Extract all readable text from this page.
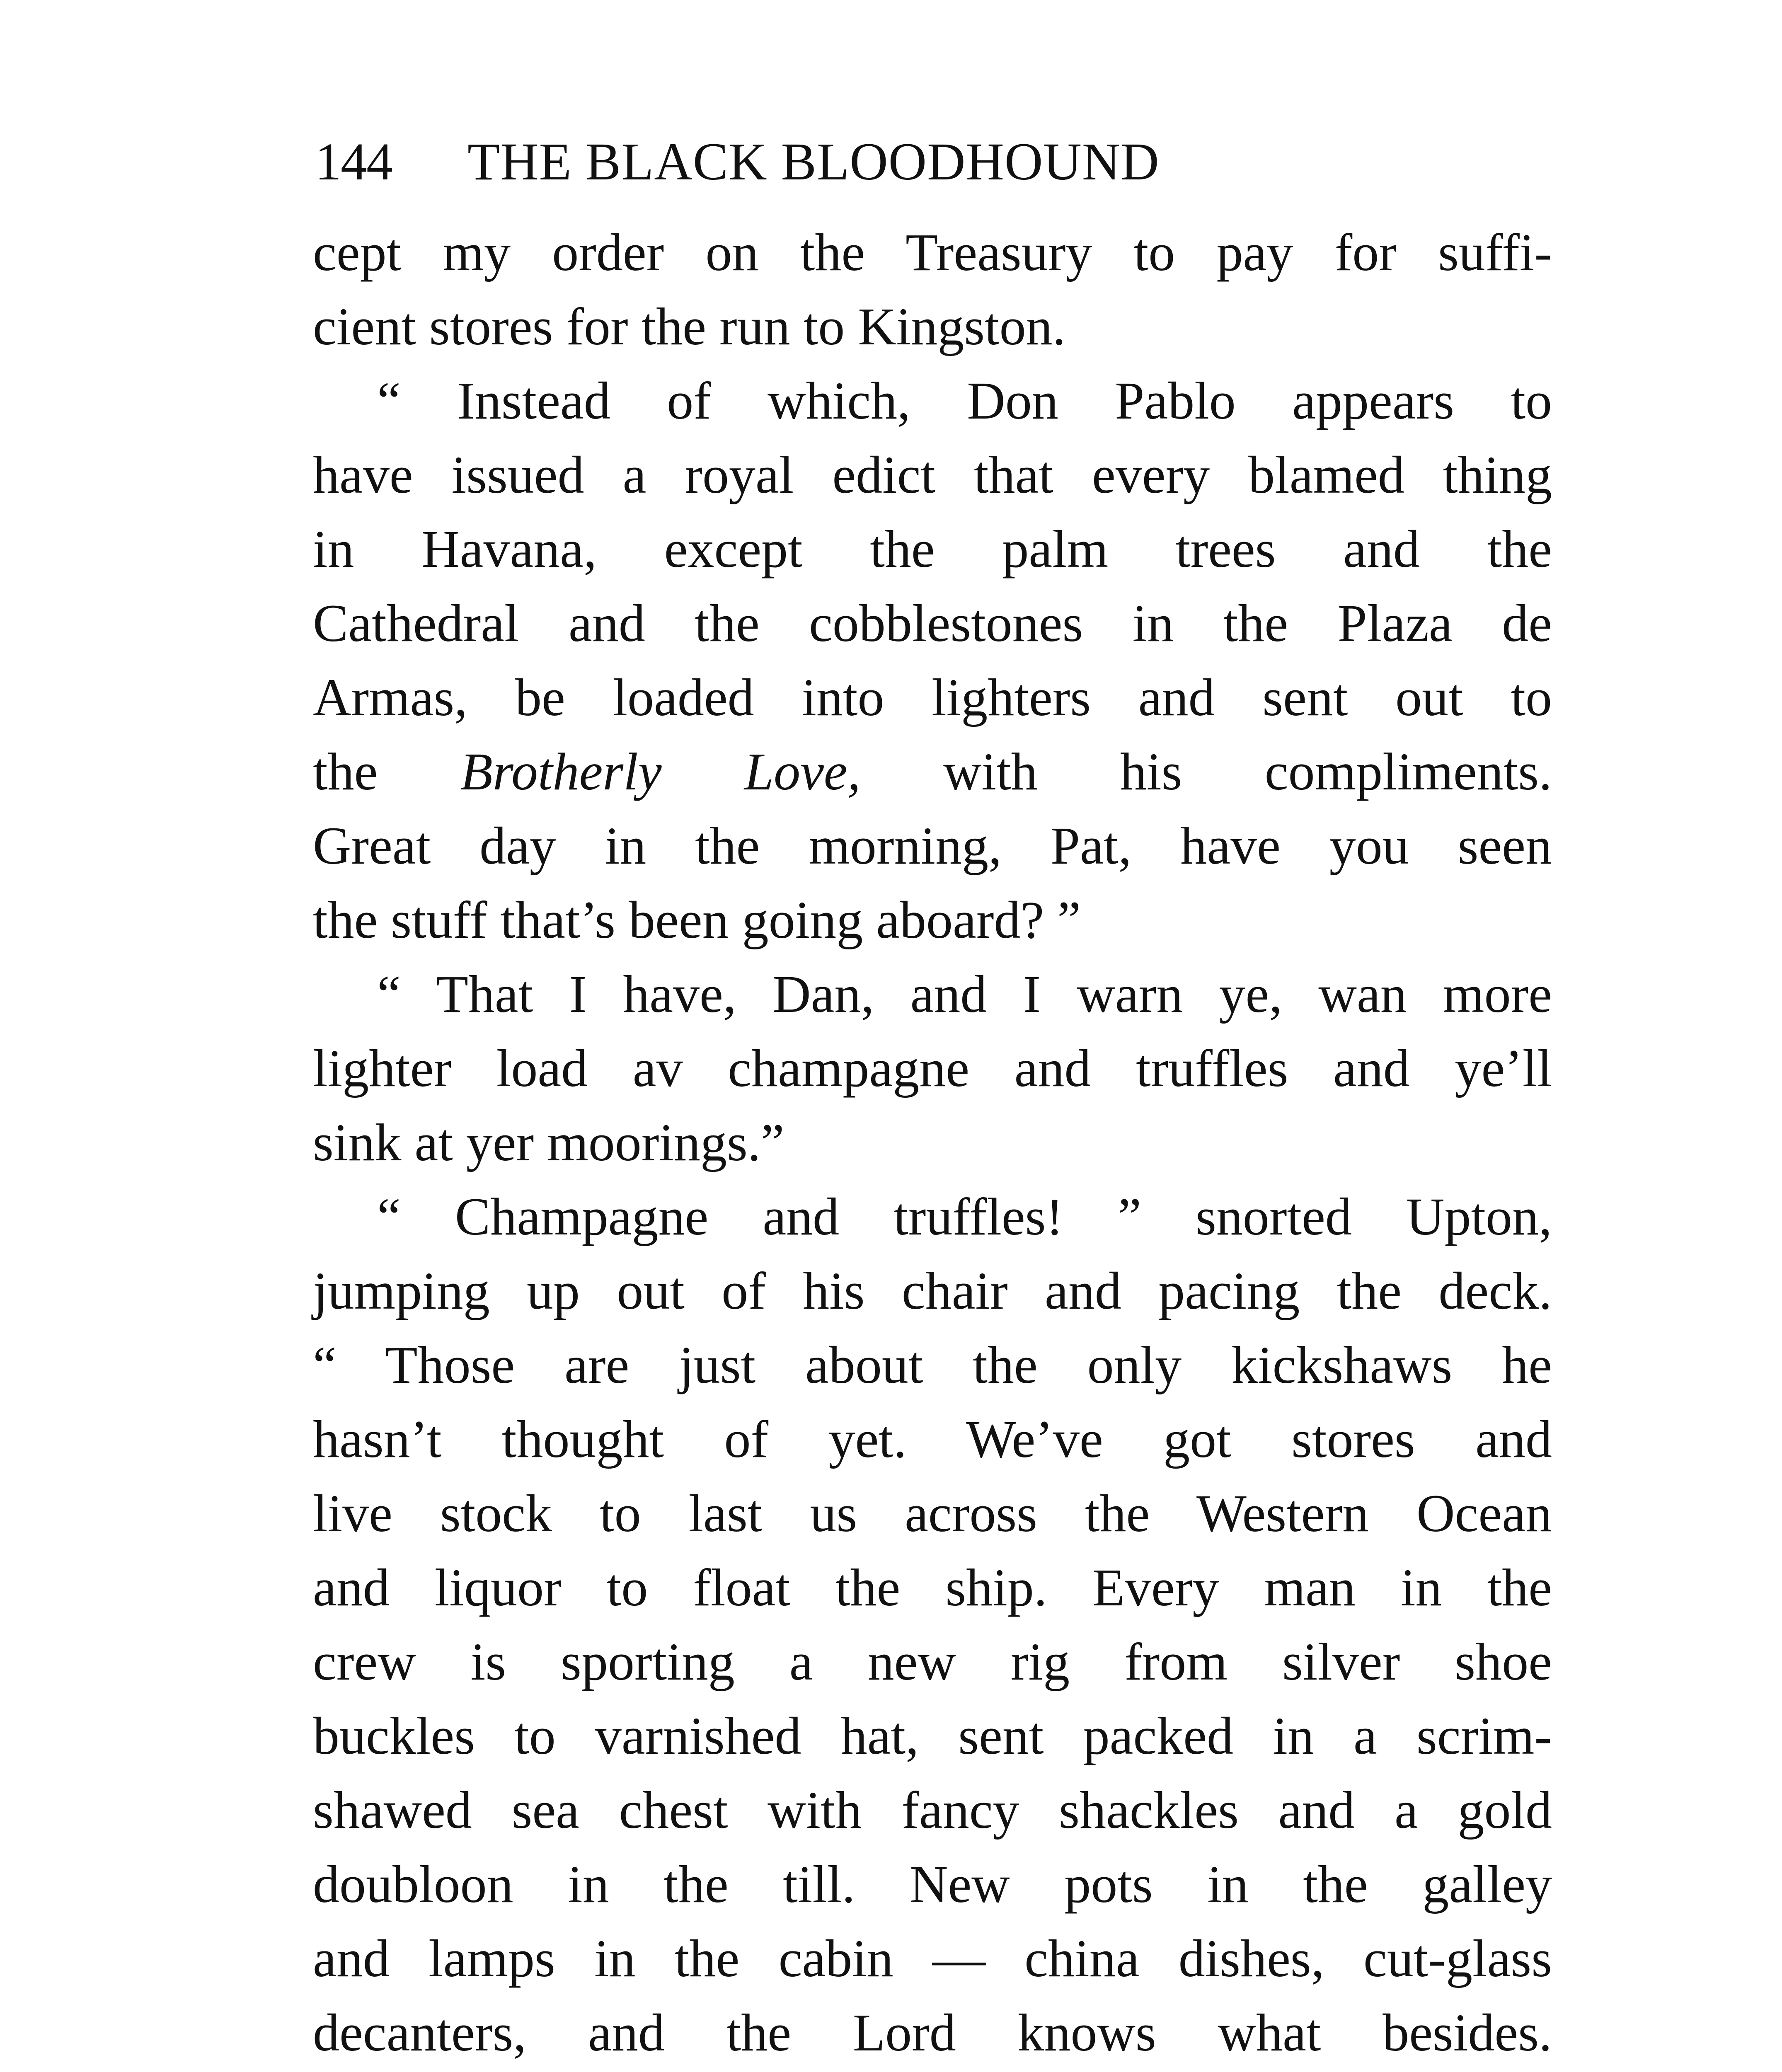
144 THE BLACK BLOODHOUND
cept my order on the Treasury to pay for suffi-
cient stores for the run to Kingston.
“ Instead of which, Don Pablo appears to
have issued a royal edict that every blamed thing
in Havana, except the palm trees and the
Cathedral and the cobblestones in the Plaza de
Armas, be loaded into lighters and sent out to
the Brotherly Love, with his compliments.
Great day in the morning, Pat, have you seen
the stuff that’s been going aboard? ”
“ That I have, Dan, and I warn ye, wan more
lighter load av champagne and truffles and ye’ll
sink at yer moorings.”
“ Champagne and truffles! ” snorted Upton,
jumping up out of his chair and pacing the deck.
“ Those are just about the only kickshaws he
hasn’t thought of yet. We’ve got stores and
live stock to last us across the Western Ocean
and liquor to float the ship. Every man in the
crew is sporting a new rig from silver shoe
buckles to varnished hat, sent packed in a scrim-
shawed sea chest with fancy shackles and a gold
doubloon in the till. New pots in the galley
and lamps in the cabin — china dishes, cut-glass
decanters, and the Lord knows what besides.
